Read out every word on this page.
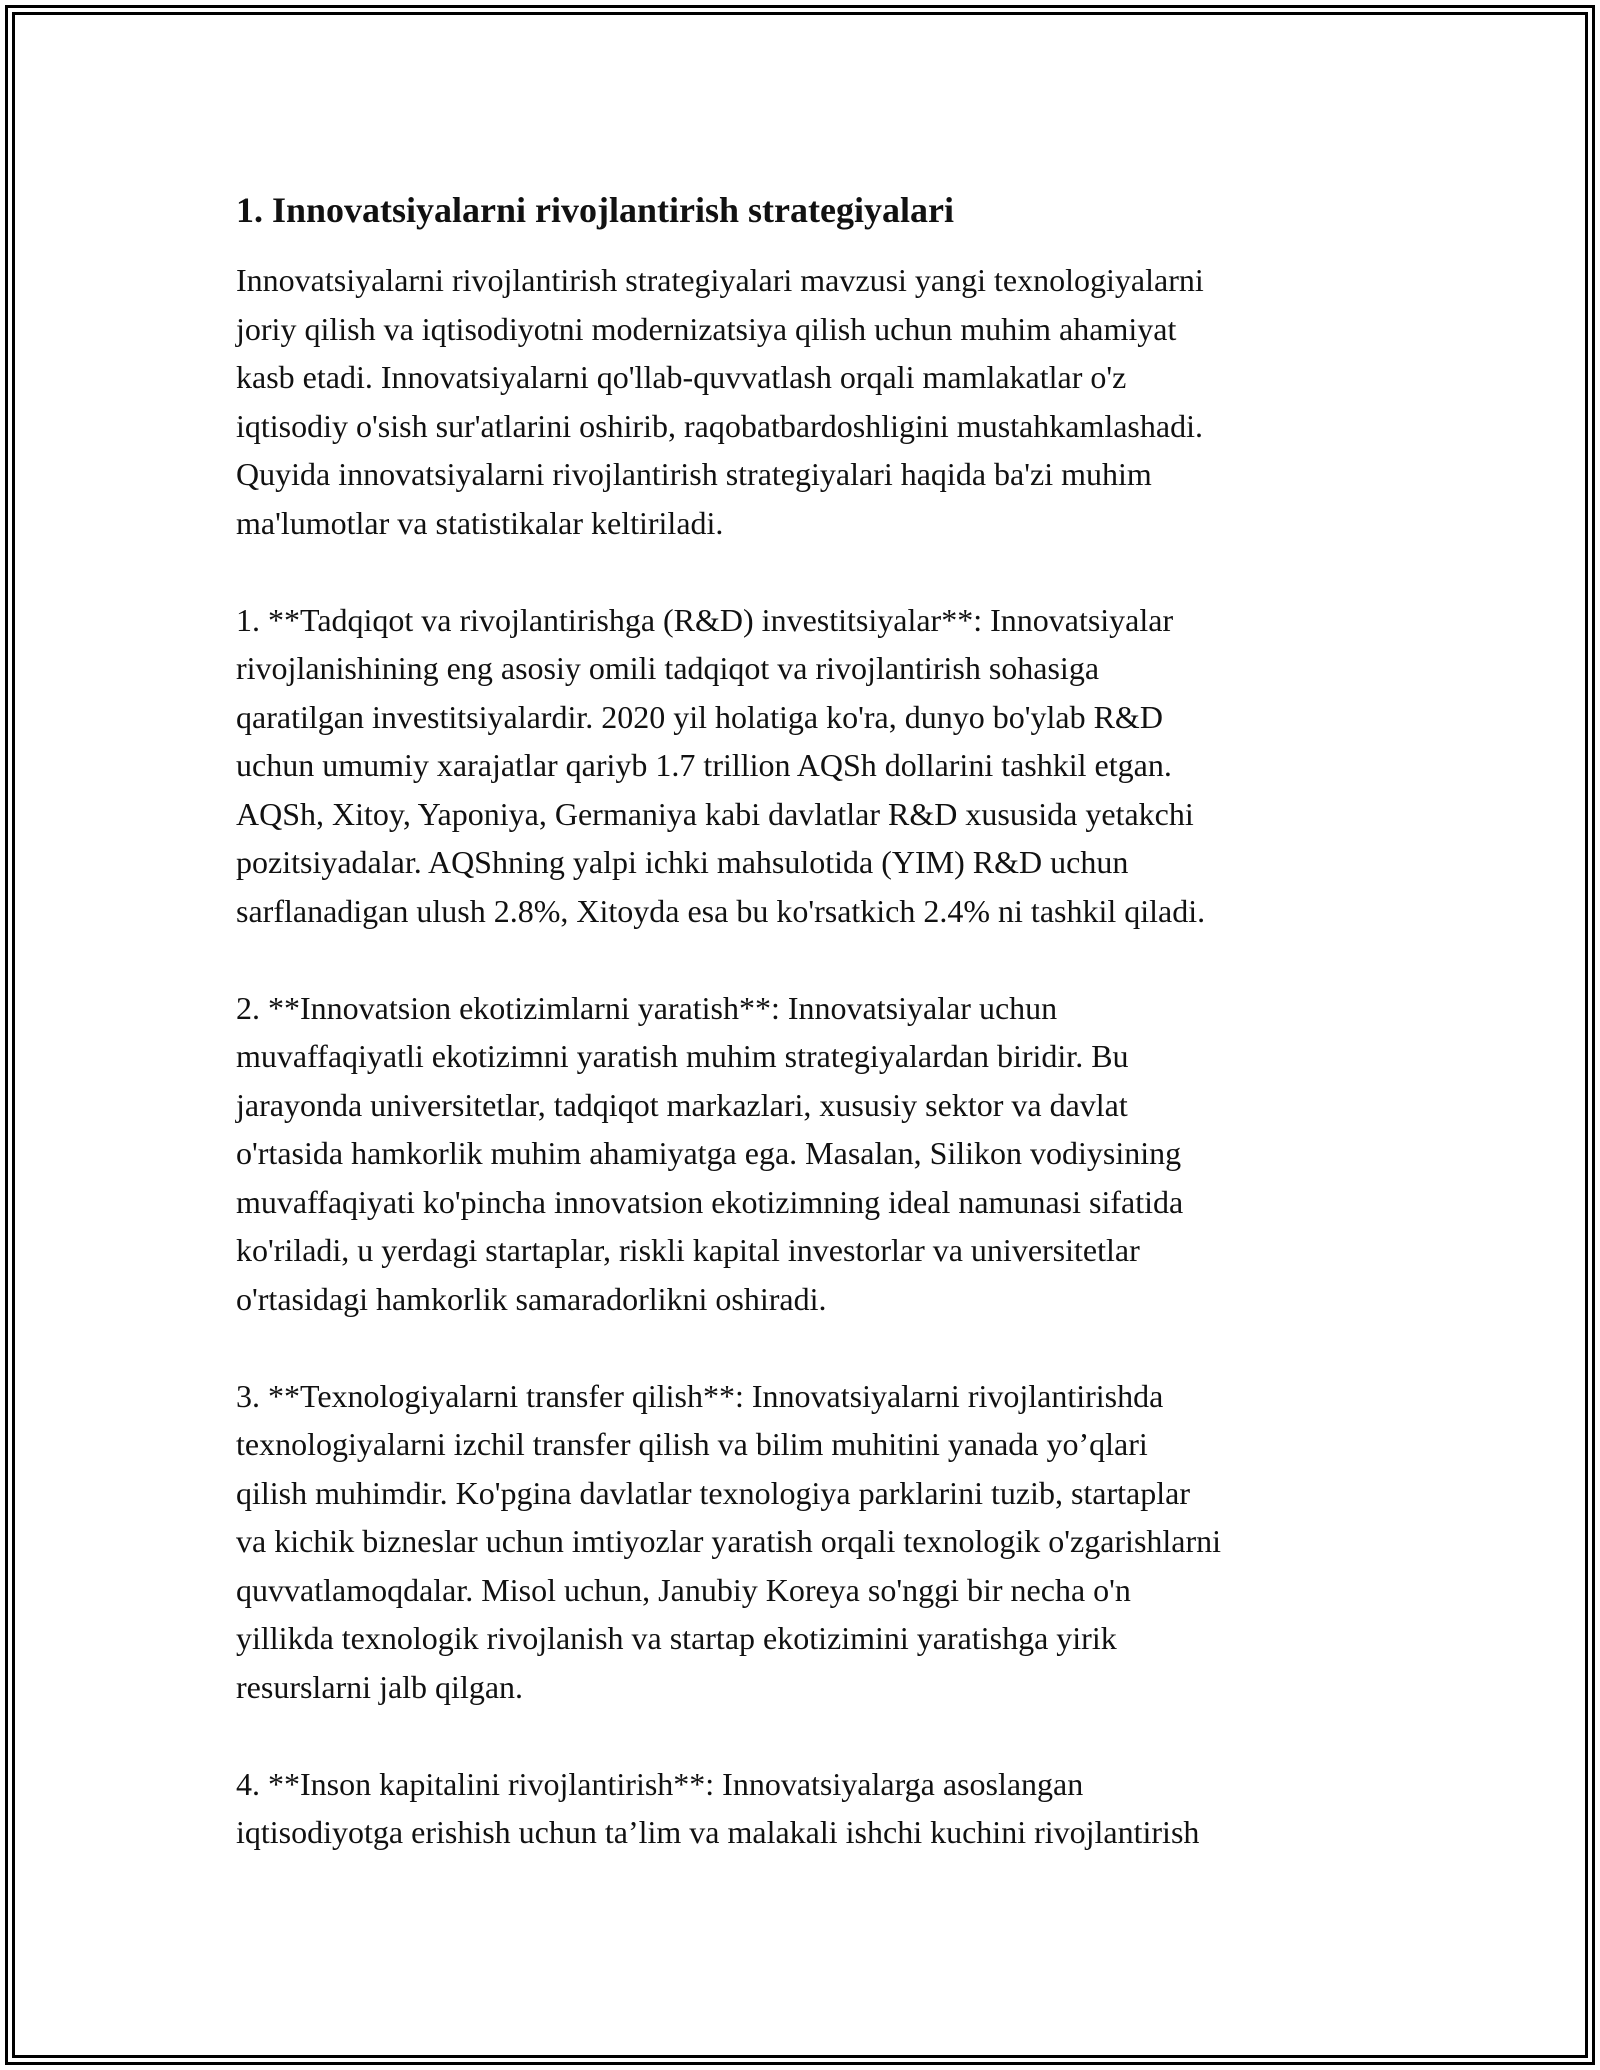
1. Innovatsiyalarni rivojlantirish strategiyalari
Innovatsiyalarni rivojlantirish strategiyalari mavzusi yangi texnologiyalarni
joriy qilish va iqtisodiyotni modernizatsiya qilish uchun muhim ahamiyat
kasb etadi. Innovatsiyalarni qo'llab-quvvatlash orqali mamlakatlar o'z
iqtisodiy o'sish sur'atlarini oshirib, raqobatbardoshligini mustahkamlashadi.
Quyida innovatsiyalarni rivojlantirish strategiyalari haqida ba'zi muhim
ma'lumotlar va statistikalar keltiriladi.
1. **Tadqiqot va rivojlantirishga (R&D) investitsiyalar**: Innovatsiyalar
rivojlanishining eng asosiy omili tadqiqot va rivojlantirish sohasiga
qaratilgan investitsiyalardir. 2020 yil holatiga ko'ra, dunyo bo'ylab R&D
uchun umumiy xarajatlar qariyb 1.7 trillion AQSh dollarini tashkil etgan.
AQSh, Xitoy, Yaponiya, Germaniya kabi davlatlar R&D xususida yetakchi
pozitsiyadalar. AQShning yalpi ichki mahsulotida (YIM) R&D uchun
sarflanadigan ulush 2.8%, Xitoyda esa bu ko'rsatkich 2.4% ni tashkil qiladi.
2. **Innovatsion ekotizimlarni yaratish**: Innovatsiyalar uchun
muvaffaqiyatli ekotizimni yaratish muhim strategiyalardan biridir. Bu
jarayonda universitetlar, tadqiqot markazlari, xususiy sektor va davlat
o'rtasida hamkorlik muhim ahamiyatga ega. Masalan, Silikon vodiysining
muvaffaqiyati ko'pincha innovatsion ekotizimning ideal namunasi sifatida
ko'riladi, u yerdagi startaplar, riskli kapital investorlar va universitetlar
o'rtasidagi hamkorlik samaradorlikni oshiradi.
3. **Texnologiyalarni transfer qilish**: Innovatsiyalarni rivojlantirishda
texnologiyalarni izchil transfer qilish va bilim muhitini yanada yo’qlari
qilish muhimdir. Ko'pgina davlatlar texnologiya parklarini tuzib, startaplar
va kichik bizneslar uchun imtiyozlar yaratish orqali texnologik o'zgarishlarni
quvvatlamoqdalar. Misol uchun, Janubiy Koreya so'nggi bir necha o'n
yillikda texnologik rivojlanish va startap ekotizimini yaratishga yirik
resurslarni jalb qilgan.
4. **Inson kapitalini rivojlantirish**: Innovatsiyalarga asoslangan
iqtisodiyotga erishish uchun ta’lim va malakali ishchi kuchini rivojlantirish
